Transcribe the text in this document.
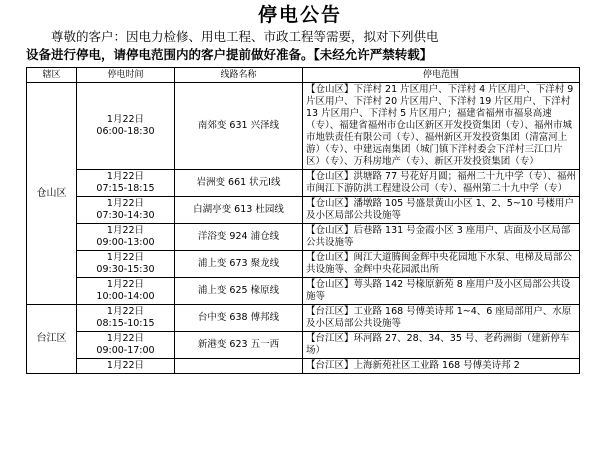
停电公告
尊敬的客户：因电力检修、用电工程、市政工程等需要，拟对下列供电
设备进行停电，请停电范围内的客户提前做好准备。【未经允许严禁转载】
辖区	停电时间	线路名称	停电范围
仓山区	1月22日
06:00-18:30	南郊变 631 兴泽线	【仓山区】下洋村 21 片区用户、下洋村 4 片区用户、下洋村 9 片区用户、下洋村 20 片区用户、下洋村 19 片区用户、下洋村 13 片区用户、下洋村 5 片区用户；福建省福州市福泉高速（专）、福建省福州市仓山区新区开发投资集团（专）、福州市城市地铁责任有限公司（专）、福州新区开发投资集团（清富河上游）（专）、中建远南集团（城门镇下洋村委会下洋村三江口片区）（专）、万科房地产（专）、新区开发投资集团（专）
	1月22日
07:15-18:15	岩洲变 661 状元Ⅰ线	【仓山区】洪塘路 77 号花好月圆；福州二十九中学（专）、福州市闽江下游防洪工程建设公司（专）、福州第二十九中学（专）
	1月22日
07:30-14:30	白湖亭变 613 杜园线	【仓山区】潘墩路 105 号盛景黄山小区 1、2、5~10 号楼用户及小区局部公共设施等
	1月22日
09:00-13:00	洋浴变 924 浦仓线	【仓山区】后巷路 131 号金霞小区 3 座用户、店面及小区局部公共设施等
	1月22日
09:30-15:30	浦上变 673 聚龙线	【仓山区】闽江大道腾闽金辉中央花园地下水泵、电梯及局部公共设施等、金辉中央花园派出所
	1月22日
10:00-14:00	浦上变 625 椽原线	【仓山区】萼头路 142 号椽原新苑 8 座用户及小区局部公共设施等
台江区	1月22日
08:15-10:15	台中变 638 傅邦线	【台江区】工业路 168 号傅美诗邦 1~4、6 座局部用户、水原及小区局部公共设施等
	1月22日
09:00-17:00	新港变 623 五一西	【台江区】环河路 27、28、34、35 号、老药洲街（建新停车场）
	1月22日		【台江区】上海新苑社区工业路 168 号傅美诗邦 2
